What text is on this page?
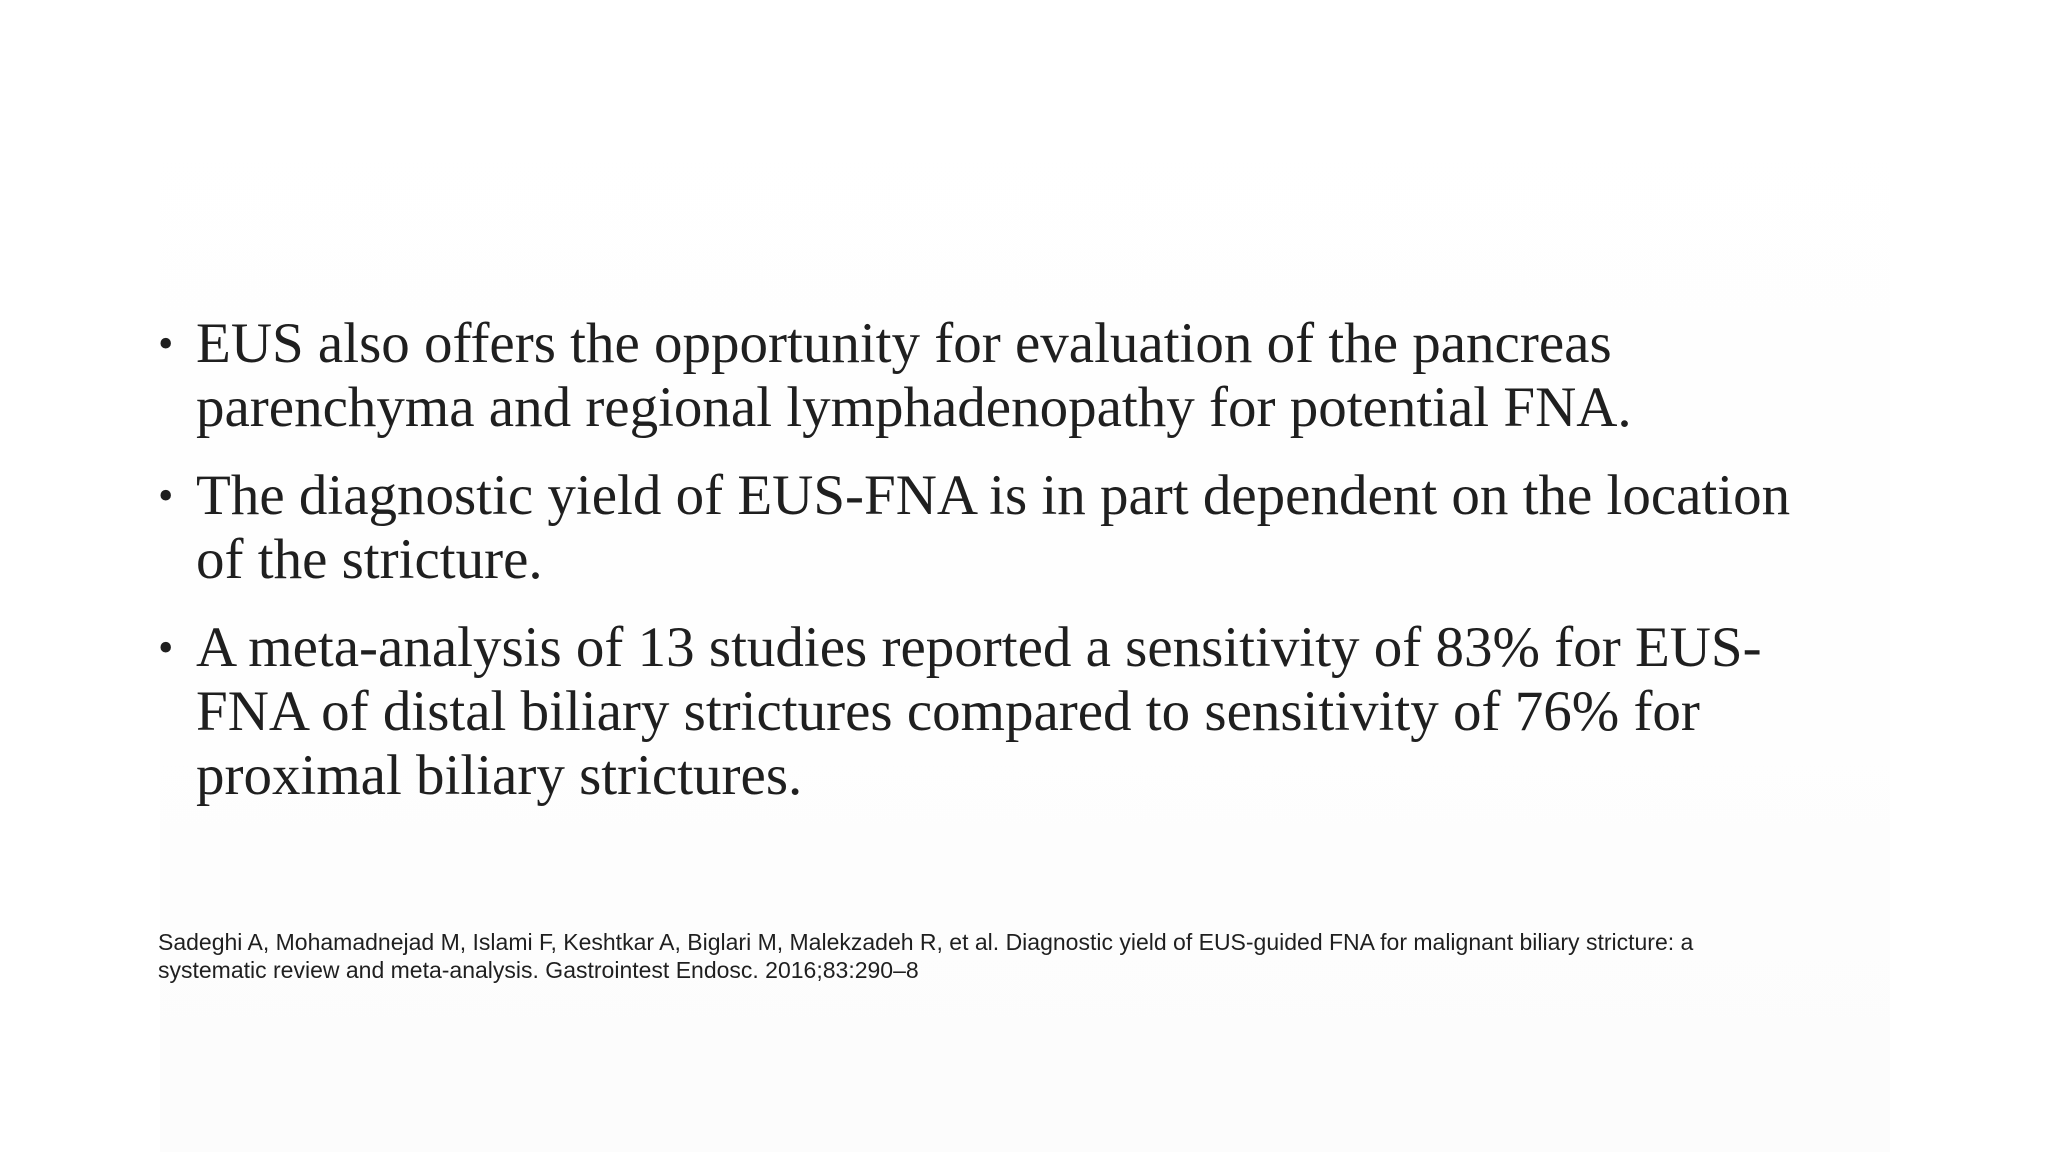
• EUS also offers the opportunity for evaluation of the pancreas
parenchyma and regional lymphadenopathy for potential FNA.
• The diagnostic yield of EUS-FNA is in part dependent on the location
of the stricture.
• A meta-analysis of 13 studies reported a sensitivity of 83% for EUS-
FNA of distal biliary strictures compared to sensitivity of 76% for
proximal biliary strictures.
Sadeghi A, Mohamadnejad M, Islami F, Keshtkar A, Biglari M, Malekzadeh R, et al. Diagnostic yield of EUS-guided FNA for malignant biliary stricture: a
systematic review and meta-analysis. Gastrointest Endosc. 2016;83:290–8
